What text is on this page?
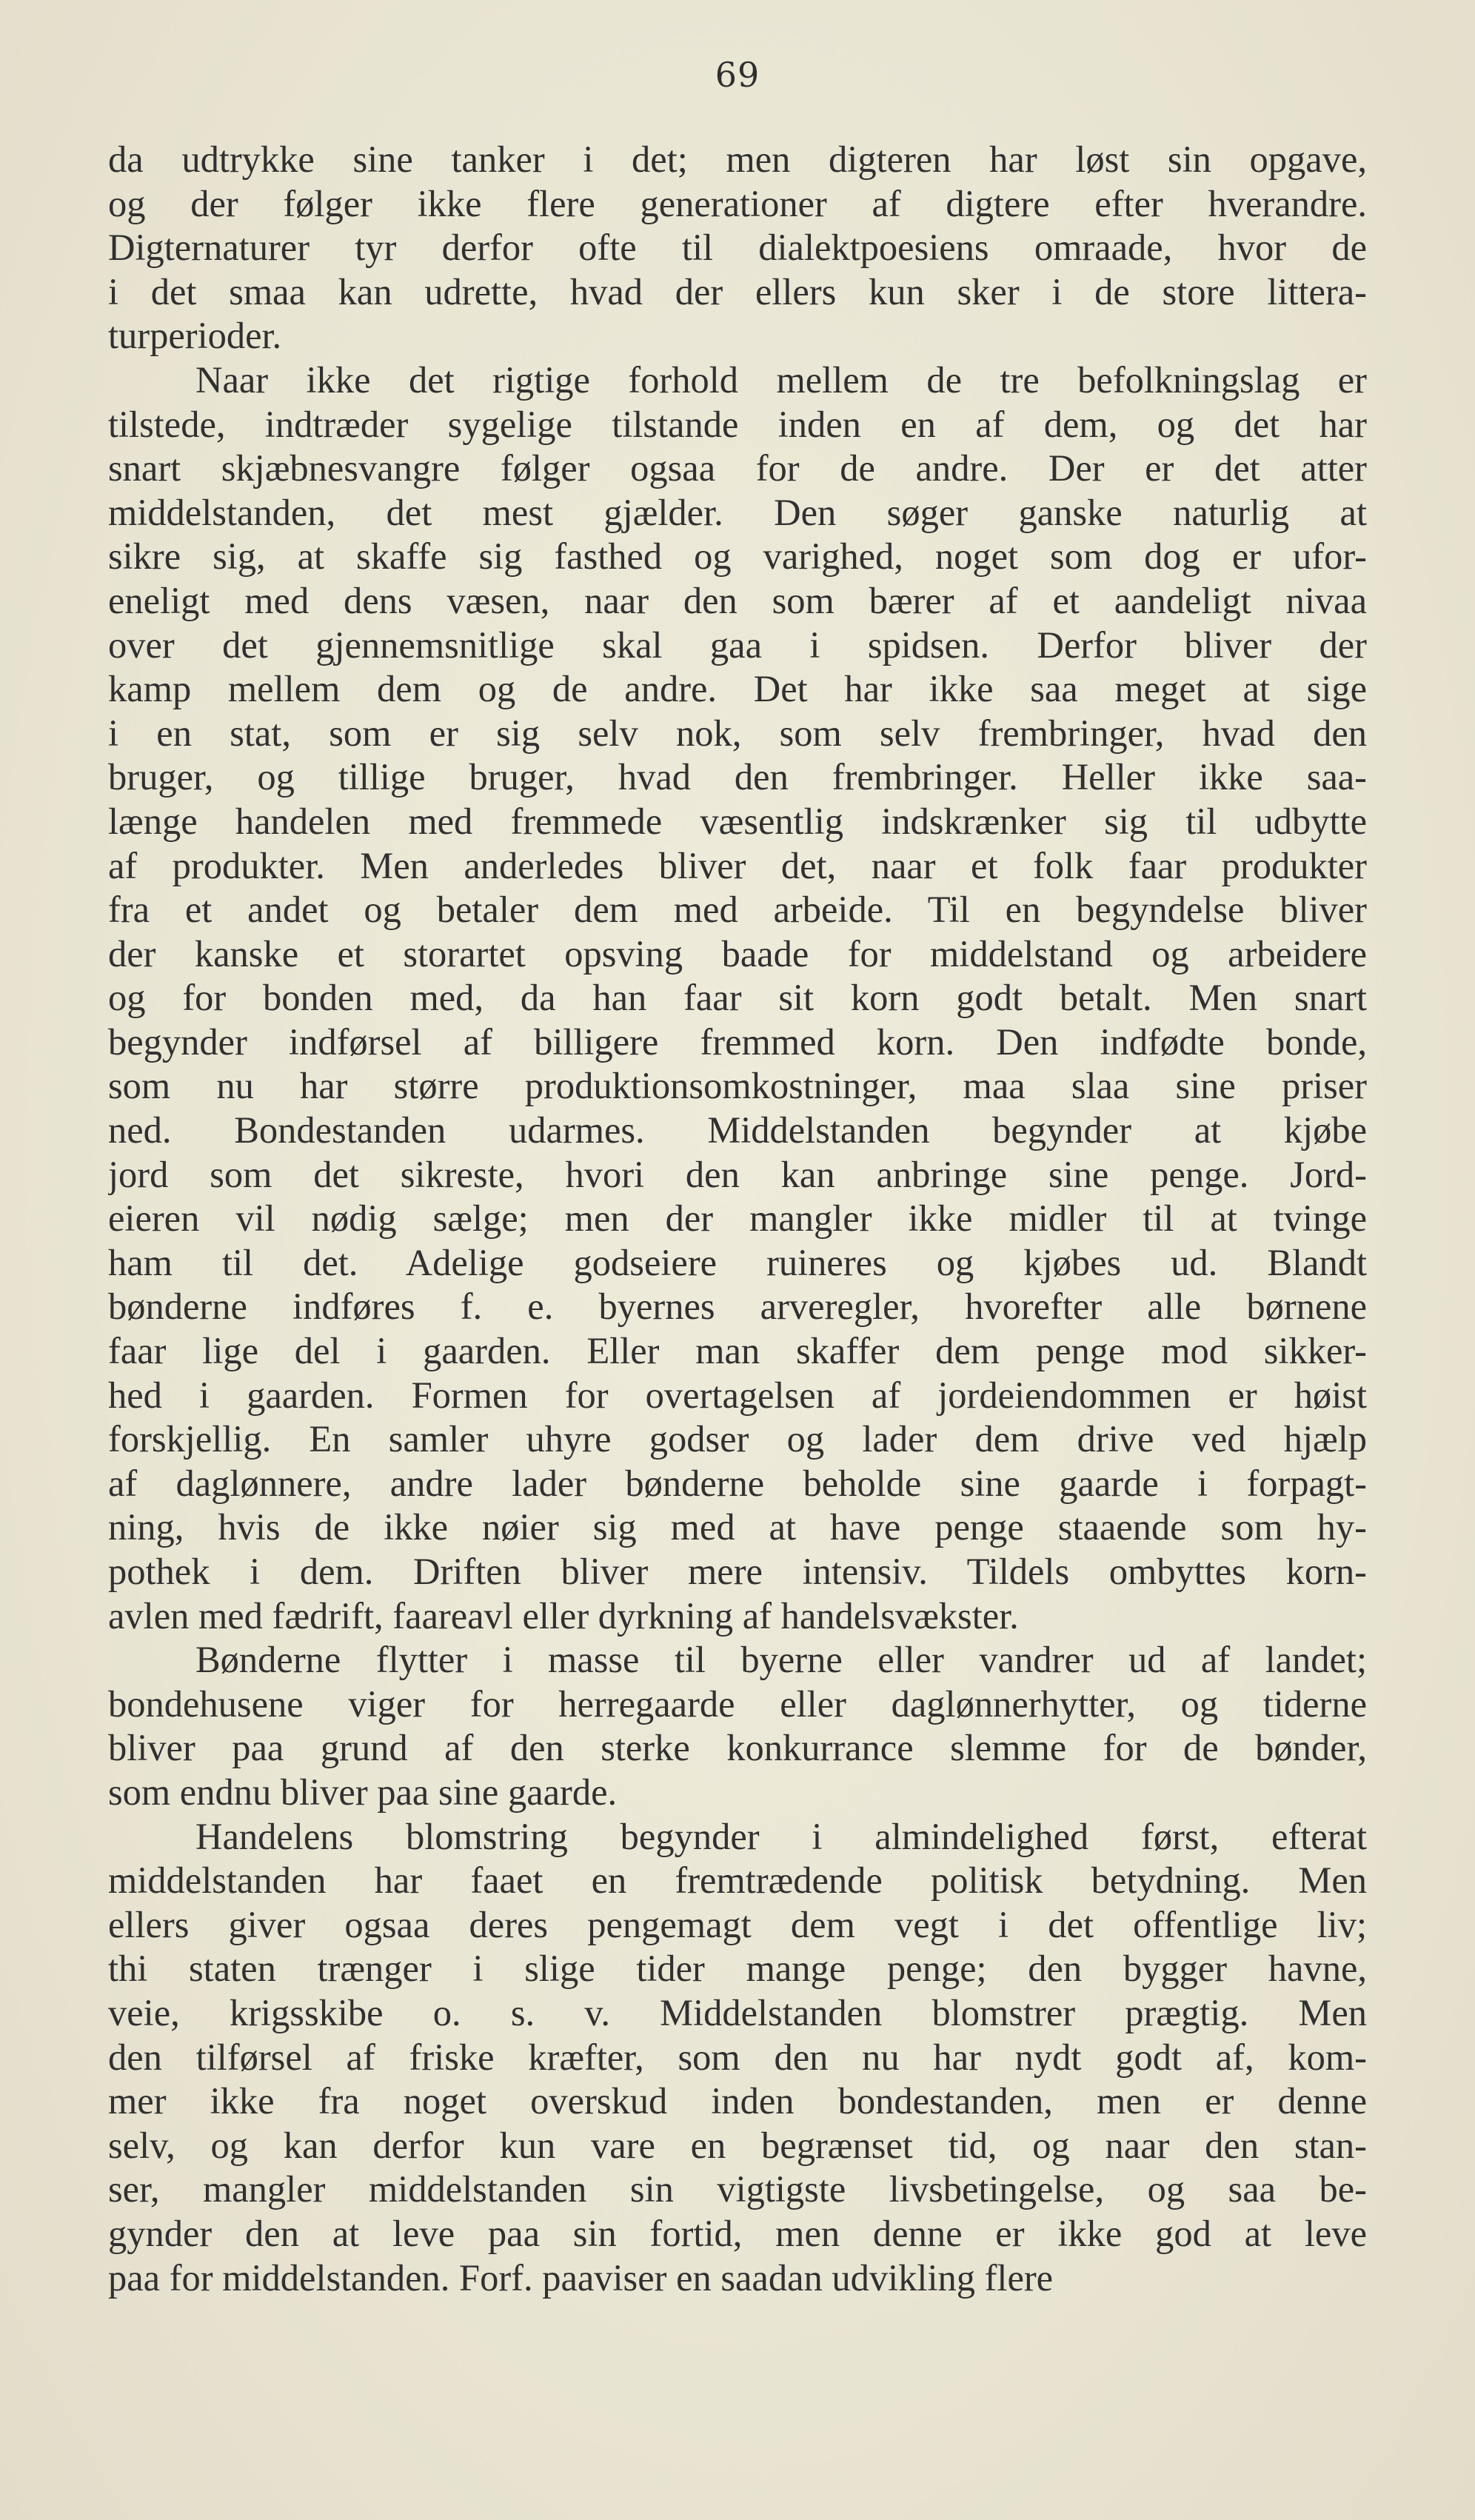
69
da udtrykke sine tanker i det; men digteren har løst sin opgave,
og der følger ikke flere generationer af digtere efter hverandre.
Digternaturer tyr derfor ofte til dialektpoesiens omraade, hvor de
i det smaa kan udrette, hvad der ellers kun sker i de store littera-
turperioder.
Naar ikke det rigtige forhold mellem de tre befolkningslag er
tilstede, indtræder sygelige tilstande inden en af dem, og det har
snart skjæbnesvangre følger ogsaa for de andre. Der er det atter
middelstanden, det mest gjælder. Den søger ganske naturlig at
sikre sig, at skaffe sig fasthed og varighed, noget som dog er ufor-
eneligt med dens væsen, naar den som bærer af et aandeligt nivaa
over det gjennemsnitlige skal gaa i spidsen. Derfor bliver der
kamp mellem dem og de andre. Det har ikke saa meget at sige
i en stat, som er sig selv nok, som selv frembringer, hvad den
bruger, og tillige bruger, hvad den frembringer. Heller ikke saa-
længe handelen med fremmede væsentlig indskrænker sig til udbytte
af produkter. Men anderledes bliver det, naar et folk faar produkter
fra et andet og betaler dem med arbeide. Til en begyndelse bliver
der kanske et storartet opsving baade for middelstand og arbeidere
og for bonden med, da han faar sit korn godt betalt. Men snart
begynder indførsel af billigere fremmed korn. Den indfødte bonde,
som nu har større produktionsomkostninger, maa slaa sine priser
ned. Bondestanden udarmes. Middelstanden begynder at kjøbe
jord som det sikreste, hvori den kan anbringe sine penge. Jord-
eieren vil nødig sælge; men der mangler ikke midler til at tvinge
ham til det. Adelige godseiere ruineres og kjøbes ud. Blandt
bønderne indføres f. e. byernes arveregler, hvorefter alle børnene
faar lige del i gaarden. Eller man skaffer dem penge mod sikker-
hed i gaarden. Formen for overtagelsen af jordeiendommen er høist
forskjellig. En samler uhyre godser og lader dem drive ved hjælp
af daglønnere, andre lader bønderne beholde sine gaarde i forpagt-
ning, hvis de ikke nøier sig med at have penge staaende som hy-
pothek i dem. Driften bliver mere intensiv. Tildels ombyttes korn-
avlen med fædrift, faareavl eller dyrkning af handelsvækster.
Bønderne flytter i masse til byerne eller vandrer ud af landet;
bondehusene viger for herregaarde eller daglønnerhytter, og tiderne
bliver paa grund af den sterke konkurrance slemme for de bønder,
som endnu bliver paa sine gaarde.
Handelens blomstring begynder i almindelighed først, efterat
middelstanden har faaet en fremtrædende politisk betydning. Men
ellers giver ogsaa deres pengemagt dem vegt i det offentlige liv;
thi staten trænger i slige tider mange penge; den bygger havne,
veie, krigsskibe o. s. v. Middelstanden blomstrer prægtig. Men
den tilførsel af friske kræfter, som den nu har nydt godt af, kom-
mer ikke fra noget overskud inden bondestanden, men er denne
selv, og kan derfor kun vare en begrænset tid, og naar den stan-
ser, mangler middelstanden sin vigtigste livsbetingelse, og saa be-
gynder den at leve paa sin fortid, men denne er ikke god at leve
paa for middelstanden. Forf. paaviser en saadan udvikling flere
